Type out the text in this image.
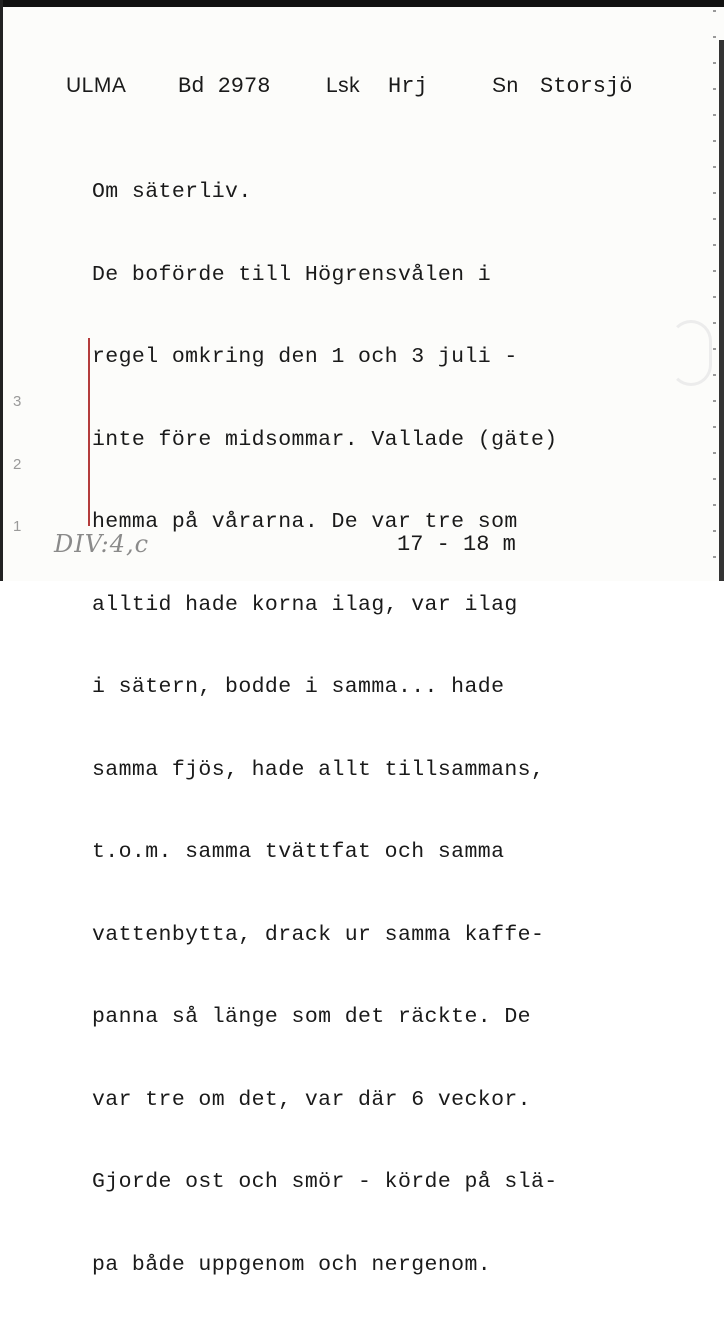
ULMA Bd 2978	Lsk Hrj	Sn Storsjö
3
2
1

Om säterliv.

De boförde till Högrensvålen i

regel omkring den 1 och 3 juli -

inte före midsommar. Vallade (gäte)

hemma på vårarna. De var tre som

alltid hade korna ilag, var ilag

i sätern, bodde i samma... hade

samma fjös, hade allt tillsammans,

t.o.m. samma tvättfat och samma

vattenbytta, drack ur samma kaffe-

panna så länge som det räckte. De

var tre om det, var där 6 veckor.

Gjorde ost och smör - körde på slä-

pa både uppgenom och nergenom.

DIV:4,c	17 - 18 m
